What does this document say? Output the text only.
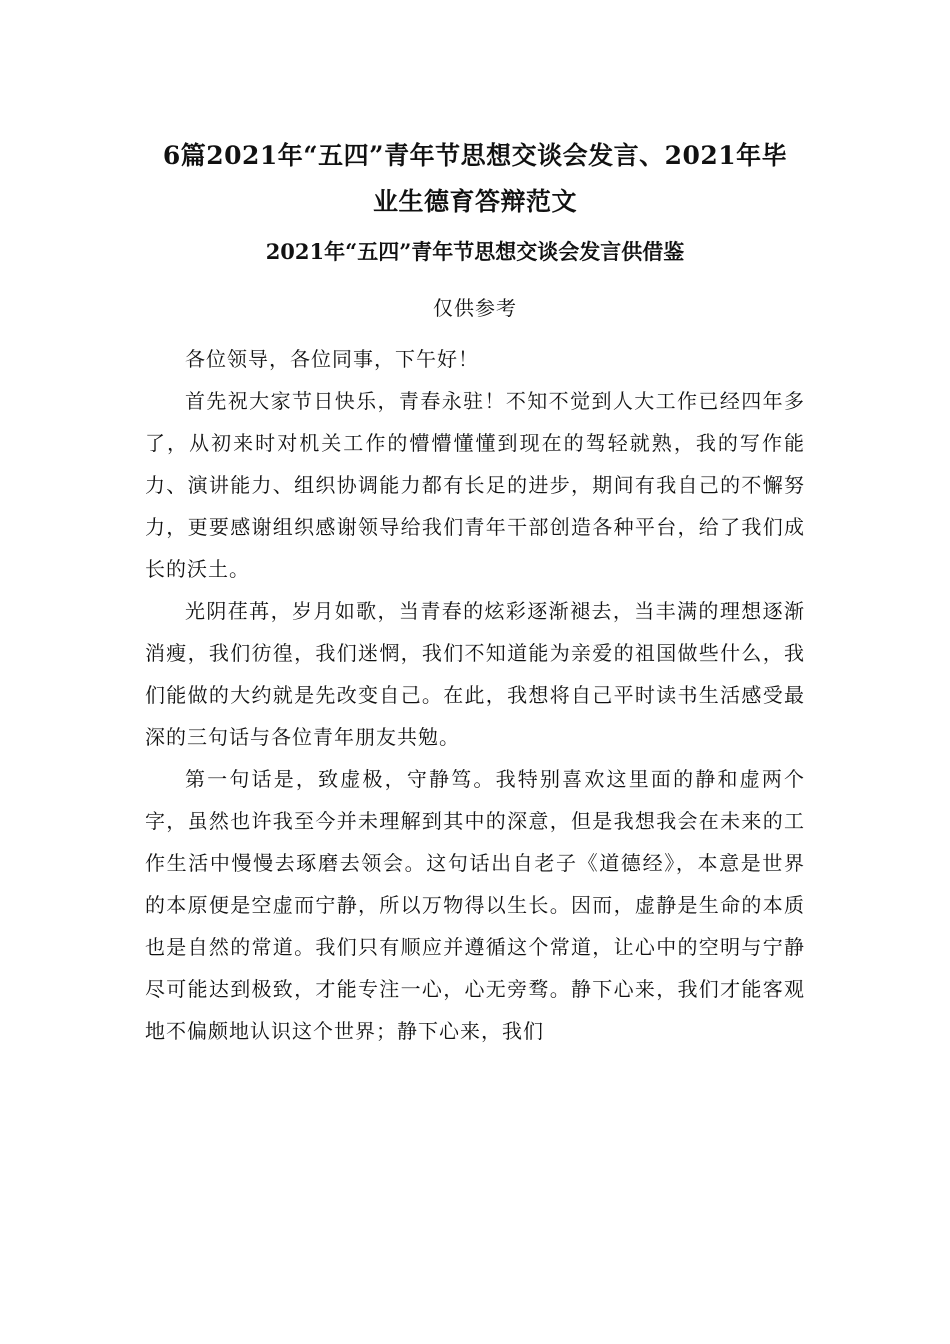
6篇2021年“五四”青年节思想交谈会发言、2021年毕
业生德育答辩范文
2021年“五四”青年节思想交谈会发言供借鉴
仅供参考

各位领导，各位同事，下午好！

首先祝大家节日快乐，青春永驻！不知不觉到人大工作已经四年多了，从初来时对机关工作的懵懵懂懂到现在的驾轻就熟，我的写作能力、演讲能力、组织协调能力都有长足的进步，期间有我自己的不懈努力，更要感谢组织感谢领导给我们青年干部创造各种平台，给了我们成长的沃土。

光阴荏苒，岁月如歌，当青春的炫彩逐渐褪去，当丰满的理想逐渐消瘦，我们彷徨，我们迷惘，我们不知道能为亲爱的祖国做些什么，我们能做的大约就是先改变自己。在此，我想将自己平时读书生活感受最深的三句话与各位青年朋友共勉。

第一句话是，致虚极，守静笃。我特别喜欢这里面的静和虚两个字，虽然也许我至今并未理解到其中的深意，但是我想我会在未来的工作生活中慢慢去琢磨去领会。这句话出自老子《道德经》，本意是世界的本原便是空虚而宁静，所以万物得以生长。因而，虚静是生命的本质也是自然的常道。我们只有顺应并遵循这个常道，让心中的空明与宁静尽可能达到极致，才能专注一心，心无旁骛。静下心来，我们才能客观地不偏颇地认识这个世界；静下心来，我们
